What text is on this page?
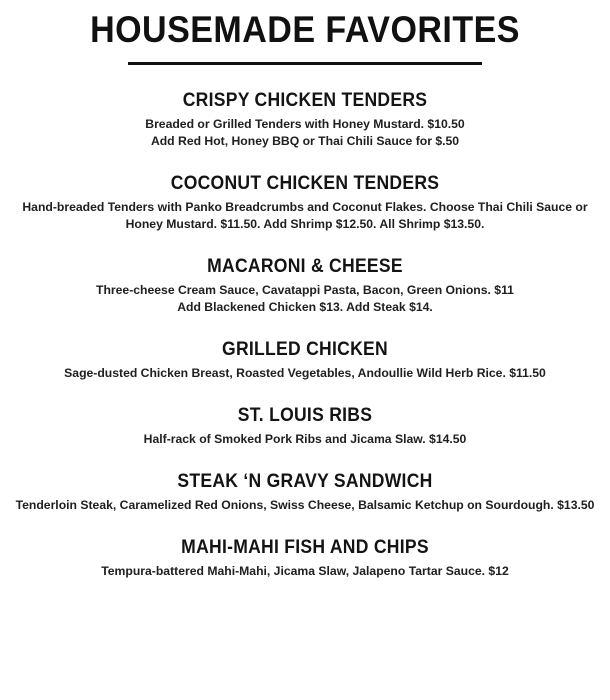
HOUSEMADE FAVORITES
CRISPY CHICKEN TENDERS

Breaded or Grilled Tenders with Honey Mustard. $10.50

Add Red Hot, Honey BBQ or Thai Chili Sauce for $.50

COCONUT CHICKEN TENDERS

Hand-breaded Tenders with Panko Breadcrumbs and Coconut Flakes. Choose Thai Chili Sauce or

Honey Mustard. $11.50. Add Shrimp $12.50. All Shrimp $13.50.

MACARONI & CHEESE

Three-cheese Cream Sauce, Cavatappi Pasta, Bacon, Green Onions. $11

Add Blackened Chicken $13. Add Steak $14.

GRILLED CHICKEN

Sage-dusted Chicken Breast, Roasted Vegetables, Andoullie Wild Herb Rice. $11.50

ST. LOUIS RIBS

Half-rack of Smoked Pork Ribs and Jicama Slaw. $14.50

STEAK ‘N GRAVY SANDWICH

Tenderloin Steak, Caramelized Red Onions, Swiss Cheese, Balsamic Ketchup on Sourdough. $13.50

MAHI-MAHI FISH AND CHIPS

Tempura-battered Mahi-Mahi, Jicama Slaw, Jalapeno Tartar Sauce. $12
